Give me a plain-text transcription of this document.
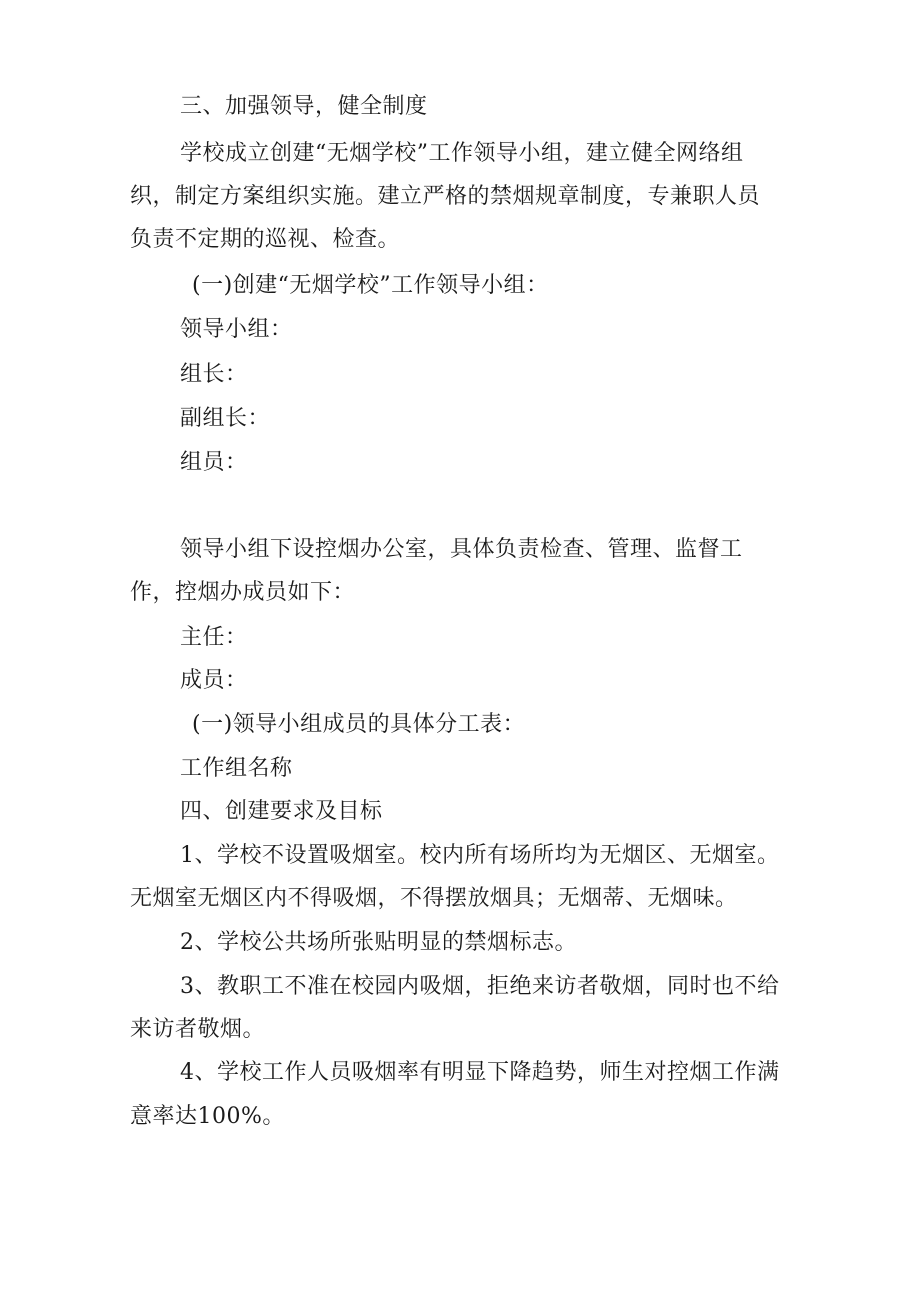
三、加强领导，健全制度
学校成立创建“无烟学校”工作领导小组，建立健全网络组
织，制定方案组织实施。建立严格的禁烟规章制度，专兼职人员
负责不定期的巡视、检查。
(一)创建“无烟学校”工作领导小组：
领导小组：
组长：
副组长：
组员：
领导小组下设控烟办公室，具体负责检查、管理、监督工
作，控烟办成员如下：
主任：
成员：
(一)领导小组成员的具体分工表：
工作组名称
四、创建要求及目标
1、学校不设置吸烟室。校内所有场所均为无烟区、无烟室。
无烟室无烟区内不得吸烟，不得摆放烟具；无烟蒂、无烟味。
2、学校公共场所张贴明显的禁烟标志。
3、教职工不准在校园内吸烟，拒绝来访者敬烟，同时也不给
来访者敬烟。
4、学校工作人员吸烟率有明显下降趋势，师生对控烟工作满
意率达100%。
